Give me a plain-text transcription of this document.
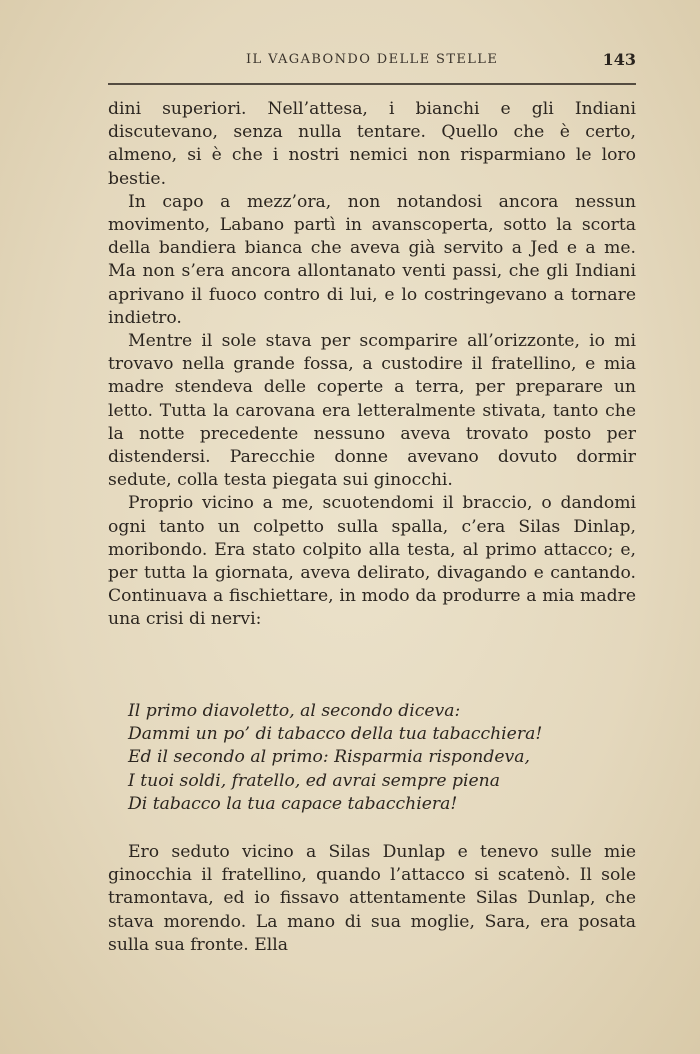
IL VAGABONDO DELLE STELLE	143

dini superiori. Nell’attesa, i bianchi e gli Indiani discutevano, senza nulla tentare. Quello che è certo, almeno, si è che i nostri nemici non risparmiano le loro bestie.

In capo a mezz’ora, non notandosi ancora nessun movimento, Labano partì in avanscoperta, sotto la scorta della bandiera bianca che aveva già servito a Jed e a me. Ma non s’era ancora allontanato venti passi, che gli Indiani aprivano il fuoco contro di lui, e lo costringevano a tornare indietro.

Mentre il sole stava per scomparire all’orizzonte, io mi trovavo nella grande fossa, a custodire il fratellino, e mia madre stendeva delle coperte a terra, per preparare un letto. Tutta la carovana era letteralmente stivata, tanto che la notte precedente nessuno aveva trovato posto per distendersi. Parecchie donne avevano dovuto dormir sedute, colla testa piegata sui ginocchi.

Proprio vicino a me, scuotendomi il braccio, o dandomi ogni tanto un colpetto sulla spalla, c’era Silas Dinlap, moribondo. Era stato colpito alla testa, al primo attacco; e, per tutta la giornata, aveva delirato, divagando e cantando. Continuava a fischiettare, in modo da produrre a mia madre una crisi di nervi:

Il primo diavoletto, al secondo diceva:
Dammi un po’ di tabacco della tua tabacchiera!
Ed il secondo al primo: Risparmia rispondeva,
I tuoi soldi, fratello, ed avrai sempre piena
Di tabacco la tua capace tabacchiera!

Ero seduto vicino a Silas Dunlap e tenevo sulle mie ginocchia il fratellino, quando l’attacco si scatenò. Il sole tramontava, ed io fissavo attentamente Silas Dunlap, che stava morendo. La mano di sua moglie, Sara, era posata sulla sua fronte. Ella
